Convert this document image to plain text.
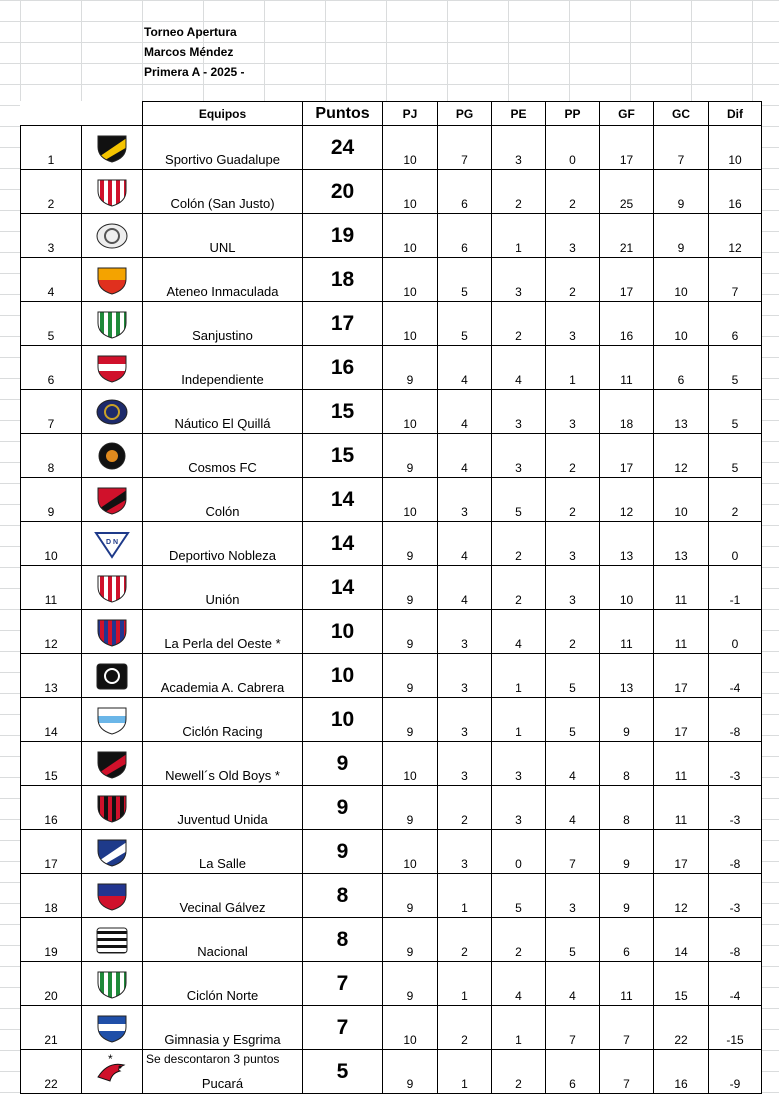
Torneo Apertura
Marcos Méndez
Primera A - 2025 -
		Equipos	Puntos	PJ	PG	PE	PP	GF	GC	Dif
1		Sportivo Guadalupe	24	10	7	3	0	17	7	10
2		Colón (San Justo)	20	10	6	2	2	25	9	16
3		UNL	19	10	6	1	3	21	9	12
4		Ateneo Inmaculada	18	10	5	3	2	17	10	7
5		Sanjustino	17	10	5	2	3	16	10	6
6		Independiente	16	9	4	4	1	11	6	5
7		Náutico El Quillá	15	10	4	3	3	18	13	5
8		Cosmos FC	15	9	4	3	2	17	12	5
9		Colón	14	10	3	5	2	12	10	2
10	D N	Deportivo Nobleza	14	9	4	2	3	13	13	0
11		Unión	14	9	4	2	3	10	11	-1
12		La Perla del Oeste *	10	9	3	4	2	11	11	0
13		Academia A. Cabrera	10	9	3	1	5	13	17	-4
14		Ciclón Racing	10	9	3	1	5	9	17	-8
15		Newell´s Old Boys *	9	10	3	3	4	8	11	-3
16		Juventud Unida	9	9	2	3	4	8	11	-3
17		La Salle	9	10	3	0	7	9	17	-8
18		Vecinal Gálvez	8	9	1	5	3	9	12	-3
19		Nacional	8	9	2	2	5	6	14	-8
20		Ciclón Norte	7	9	1	4	4	11	15	-4
21		Gimnasia y Esgrima	7	10	2	1	7	7	22	-15
22		Pucará	5	9	1	2	6	7	16	-9
*	Se descontaron 3 puntos
